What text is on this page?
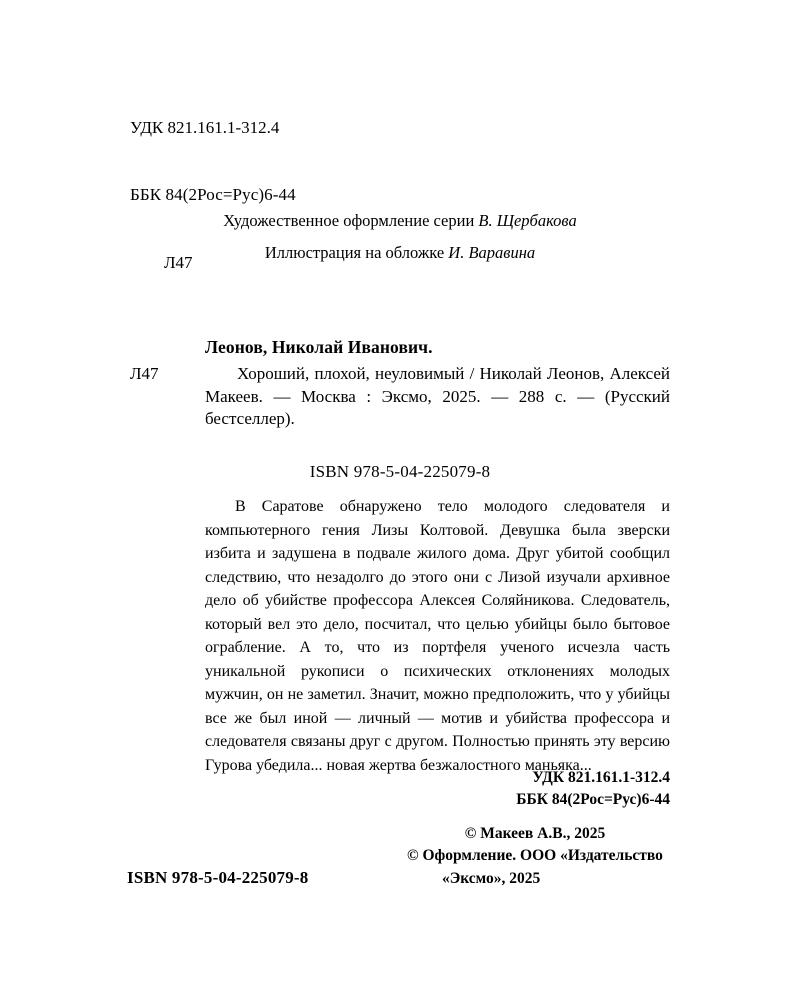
УДК 821.161.1-312.4

ББК 84(2Рос=Рус)6-44

Л47

Художественное оформление серии В. Щербакова
Иллюстрация на обложке И. Варавина
Леонов, Николай Иванович.
Л47	Хороший, плохой, неуловимый / Николай Леонов, Алексей Макеев. — Москва : Эксмо, 2025. — 288 с. — (Русский бестселлер).
ISBN 978-5-04-225079-8
В Саратове обнаружено тело молодого следователя и компьютерного гения Лизы Колтовой. Девушка была зверски избита и задушена в подвале жилого дома. Друг убитой сообщил следствию, что незадолго до этого они с Лизой изучали архивное дело об убийстве профессора Алексея Соляйникова. Следователь, который вел это дело, посчитал, что целью убийцы было бытовое ограбление. А то, что из портфеля ученого исчезла часть уникальной рукописи о психических отклонениях молодых мужчин, он не заметил. Значит, можно предположить, что у убийцы все же был иной — личный — мотив и убийства профессора и следователя связаны друг с другом. Полностью принять эту версию Гурова убедила... новая жертва безжалостного маньяка...
УДК 821.161.1-312.4
ББК 84(2Рос=Рус)6-44
© Макеев А.В., 2025
© Оформление. ООО «Издательство
«Эксмо», 2025
ISBN 978-5-04-225079-8
